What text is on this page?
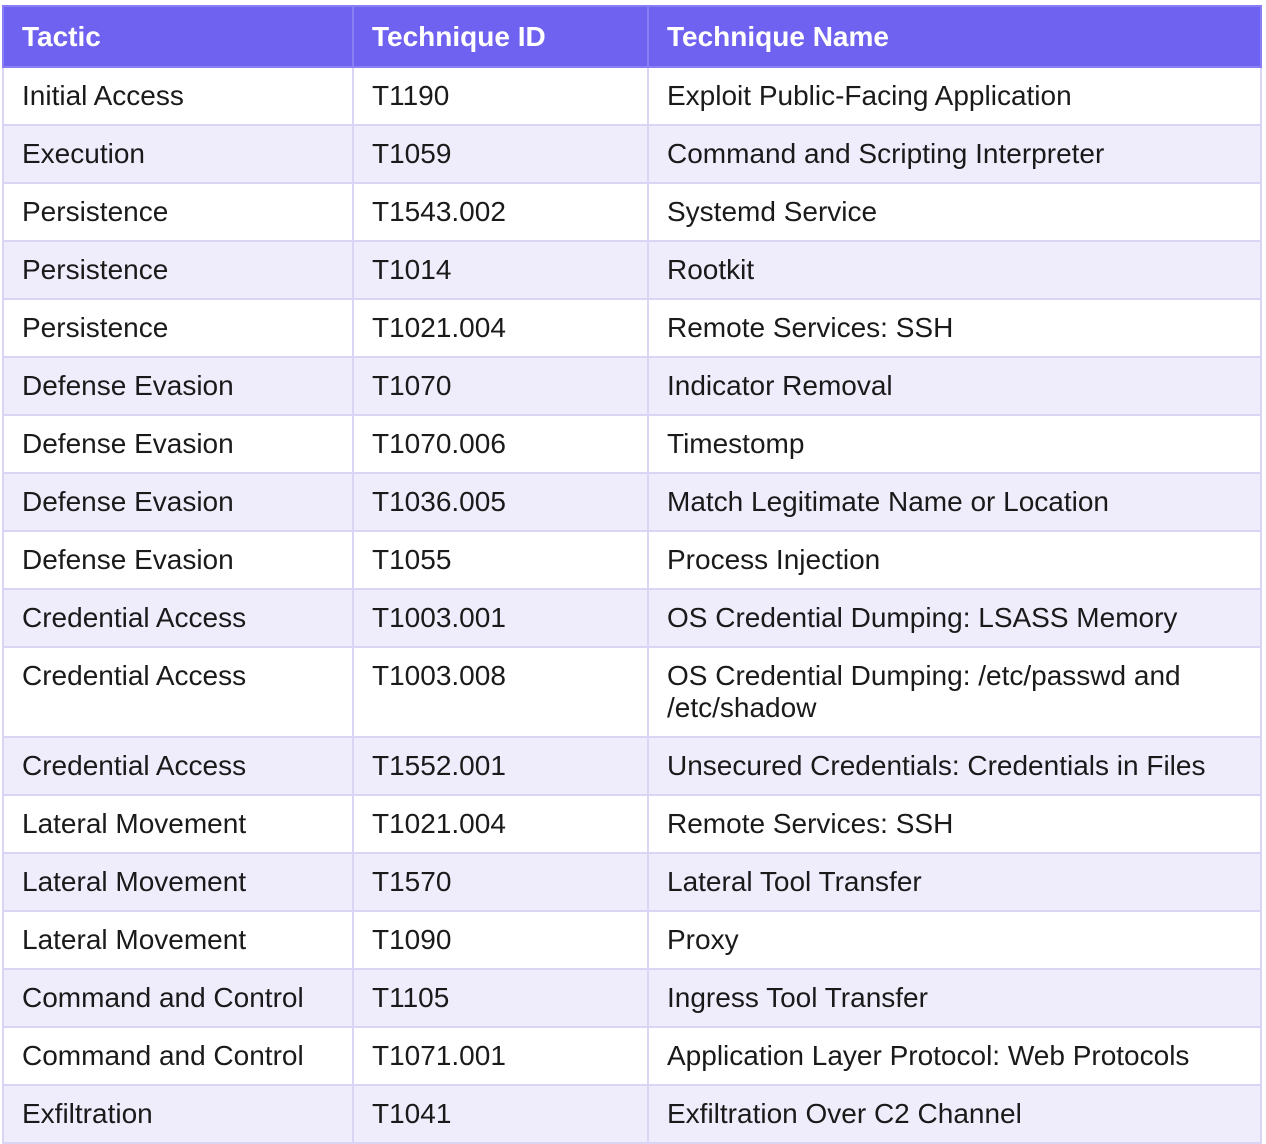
Tactic	Technique ID	Technique Name
Initial Access	T1190	Exploit Public-Facing Application
Execution	T1059	Command and Scripting Interpreter
Persistence	T1543.002	Systemd Service
Persistence	T1014	Rootkit
Persistence	T1021.004	Remote Services: SSH
Defense Evasion	T1070	Indicator Removal
Defense Evasion	T1070.006	Timestomp
Defense Evasion	T1036.005	Match Legitimate Name or Location
Defense Evasion	T1055	Process Injection
Credential Access	T1003.001	OS Credential Dumping: LSASS Memory
Credential Access	T1003.008	OS Credential Dumping: /etc/passwd and /etc/shadow
Credential Access	T1552.001	Unsecured Credentials: Credentials in Files
Lateral Movement	T1021.004	Remote Services: SSH
Lateral Movement	T1570	Lateral Tool Transfer
Lateral Movement	T1090	Proxy
Command and Control	T1105	Ingress Tool Transfer
Command and Control	T1071.001	Application Layer Protocol: Web Protocols
Exfiltration	T1041	Exfiltration Over C2 Channel
